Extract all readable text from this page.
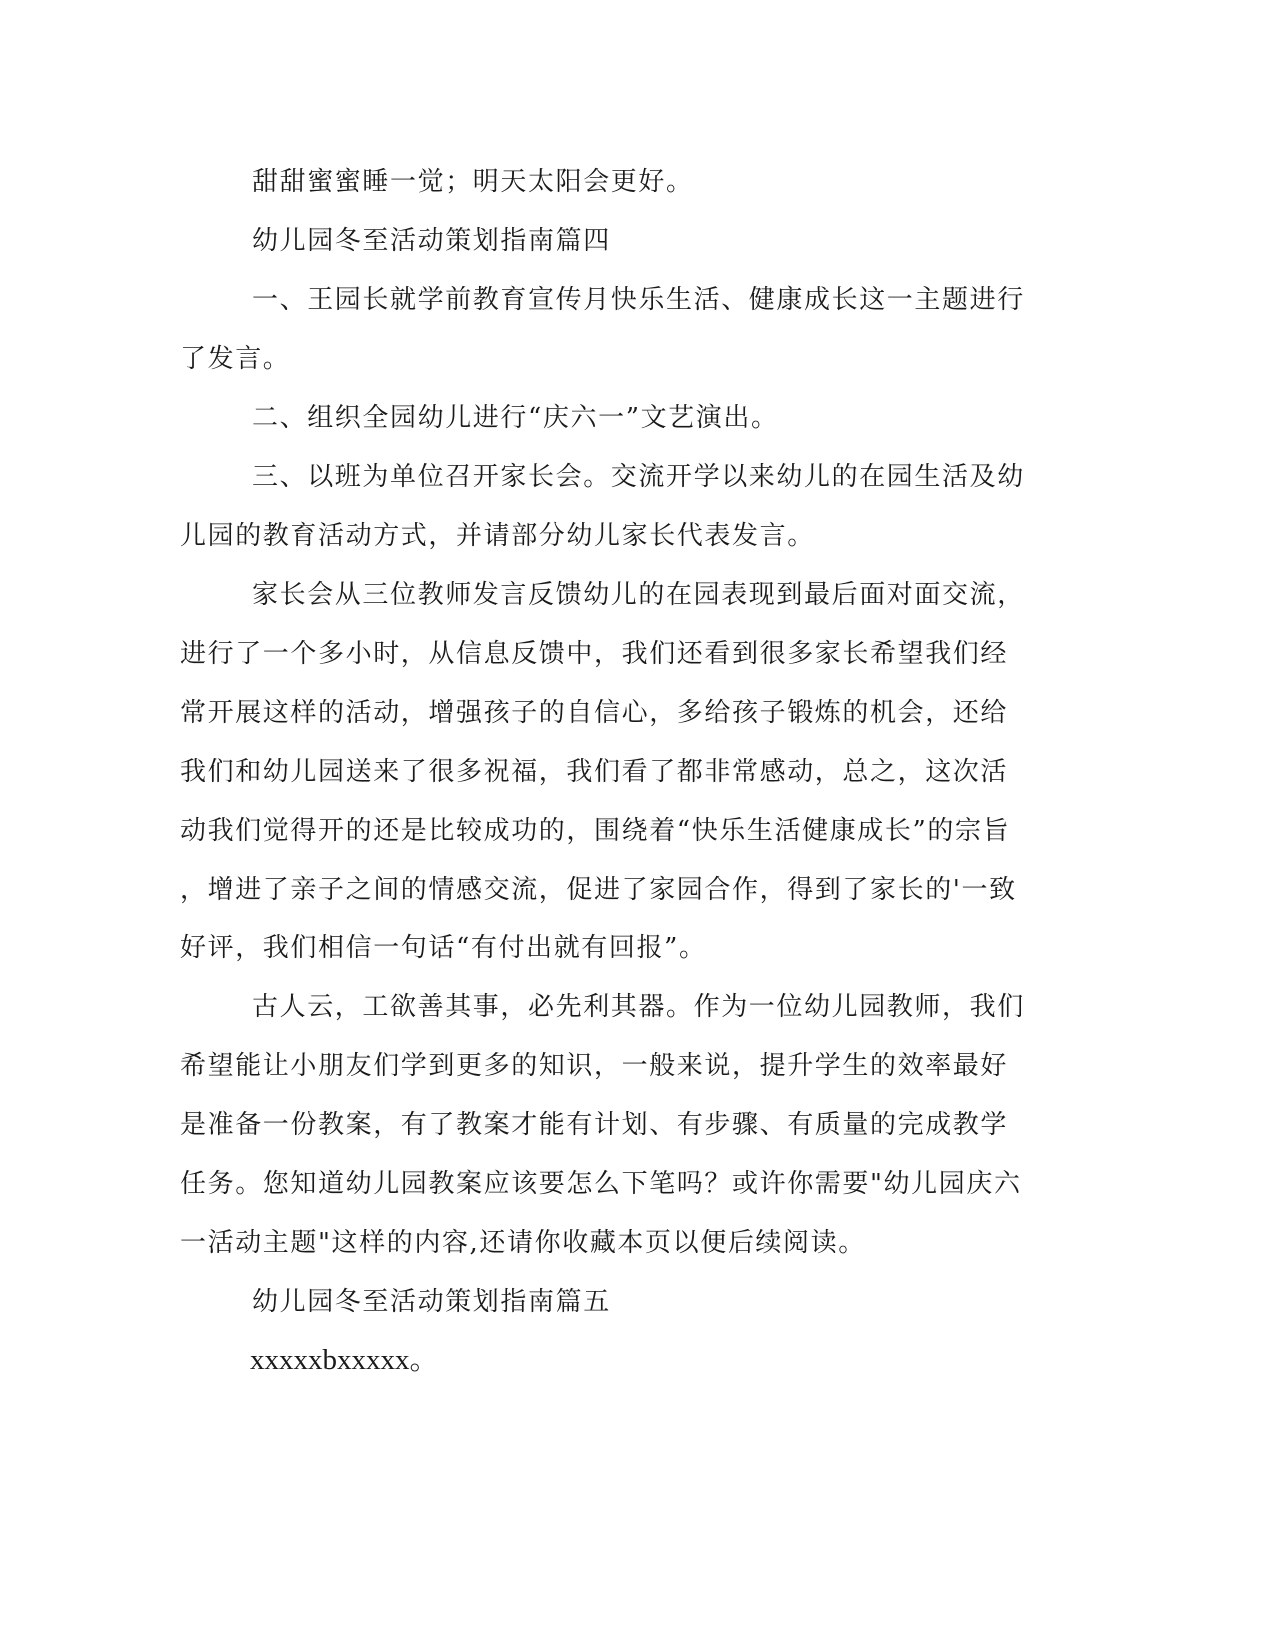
甜甜蜜蜜睡一觉；明天太阳会更好。
幼儿园冬至活动策划指南篇四
一、王园长就学前教育宣传月快乐生活、健康成长这一主题进行
了发言。
二、组织全园幼儿进行“庆六一”文艺演出。
三、以班为单位召开家长会。交流开学以来幼儿的在园生活及幼
儿园的教育活动方式，并请部分幼儿家长代表发言。
家长会从三位教师发言反馈幼儿的在园表现到最后面对面交流，
进行了一个多小时，从信息反馈中，我们还看到很多家长希望我们经
常开展这样的活动，增强孩子的自信心，多给孩子锻炼的机会，还给
我们和幼儿园送来了很多祝福，我们看了都非常感动，总之，这次活
动我们觉得开的还是比较成功的，围绕着“快乐生活健康成长”的宗旨
，增进了亲子之间的情感交流，促进了家园合作，得到了家长的'一致
好评，我们相信一句话“有付出就有回报”。
古人云，工欲善其事，必先利其器。作为一位幼儿园教师，我们
希望能让小朋友们学到更多的知识，一般来说，提升学生的效率最好
是准备一份教案，有了教案才能有计划、有步骤、有质量的完成教学
任务。您知道幼儿园教案应该要怎么下笔吗？或许你需要"幼儿园庆六
一活动主题"这样的内容,还请你收藏本页以便后续阅读。
幼儿园冬至活动策划指南篇五
xxxxxbxxxxx。
